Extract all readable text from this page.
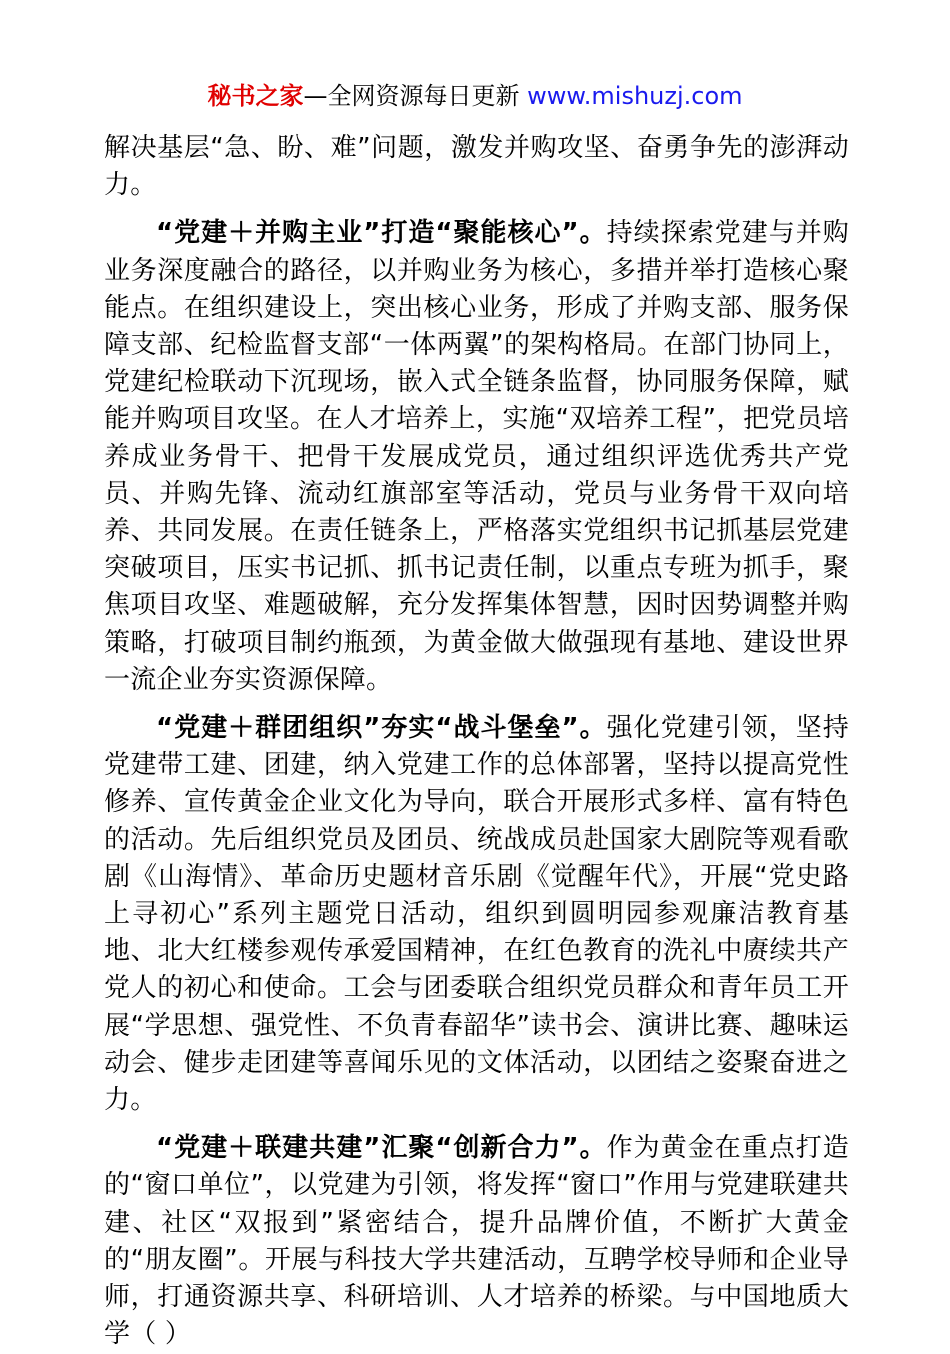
秘书之家—全网资源每日更新 www.mishuzj.com

解决基层“急、盼、难”问题，激发并购攻坚、奋勇争先的澎湃动力。

“党建＋并购主业”打造“聚能核心”。持续探索党建与并购业务深度融合的路径，以并购业务为核心，多措并举打造核心聚能点。在组织建设上，突出核心业务，形成了并购支部、服务保障支部、纪检监督支部“一体两翼”的架构格局。在部门协同上，党建纪检联动下沉现场，嵌入式全链条监督，协同服务保障，赋能并购项目攻坚。在人才培养上，实施“双培养工程”，把党员培养成业务骨干、把骨干发展成党员，通过组织评选优秀共产党员、并购先锋、流动红旗部室等活动，党员与业务骨干双向培养、共同发展。在责任链条上，严格落实党组织书记抓基层党建突破项目，压实书记抓、抓书记责任制，以重点专班为抓手，聚焦项目攻坚、难题破解，充分发挥集体智慧，因时因势调整并购策略，打破项目制约瓶颈，为黄金做大做强现有基地、建设世界一流企业夯实资源保障。

“党建＋群团组织”夯实“战斗堡垒”。强化党建引领，坚持党建带工建、团建，纳入党建工作的总体部署，坚持以提高党性修养、宣传黄金企业文化为导向，联合开展形式多样、富有特色的活动。先后组织党员及团员、统战成员赴国家大剧院等观看歌剧《山海情》、革命历史题材音乐剧《觉醒年代》，开展“党史路上寻初心”系列主题党日活动，组织到圆明园参观廉洁教育基地、北大红楼参观传承爱国精神，在红色教育的洗礼中赓续共产党人的初心和使命。工会与团委联合组织党员群众和青年员工开展“学思想、强党性、不负青春韶华”读书会、演讲比赛、趣味运动会、健步走团建等喜闻乐见的文体活动，以团结之姿聚奋进之力。

“党建＋联建共建”汇聚“创新合力”。作为黄金在重点打造的“窗口单位”，以党建为引领，将发挥“窗口”作用与党建联建共建、社区“双报到”紧密结合，提升品牌价值，不断扩大黄金的“朋友圈”。开展与科技大学共建活动，互聘学校导师和企业导师，打通资源共享、科研培训、人才培养的桥梁。与中国地质大学（ ）
